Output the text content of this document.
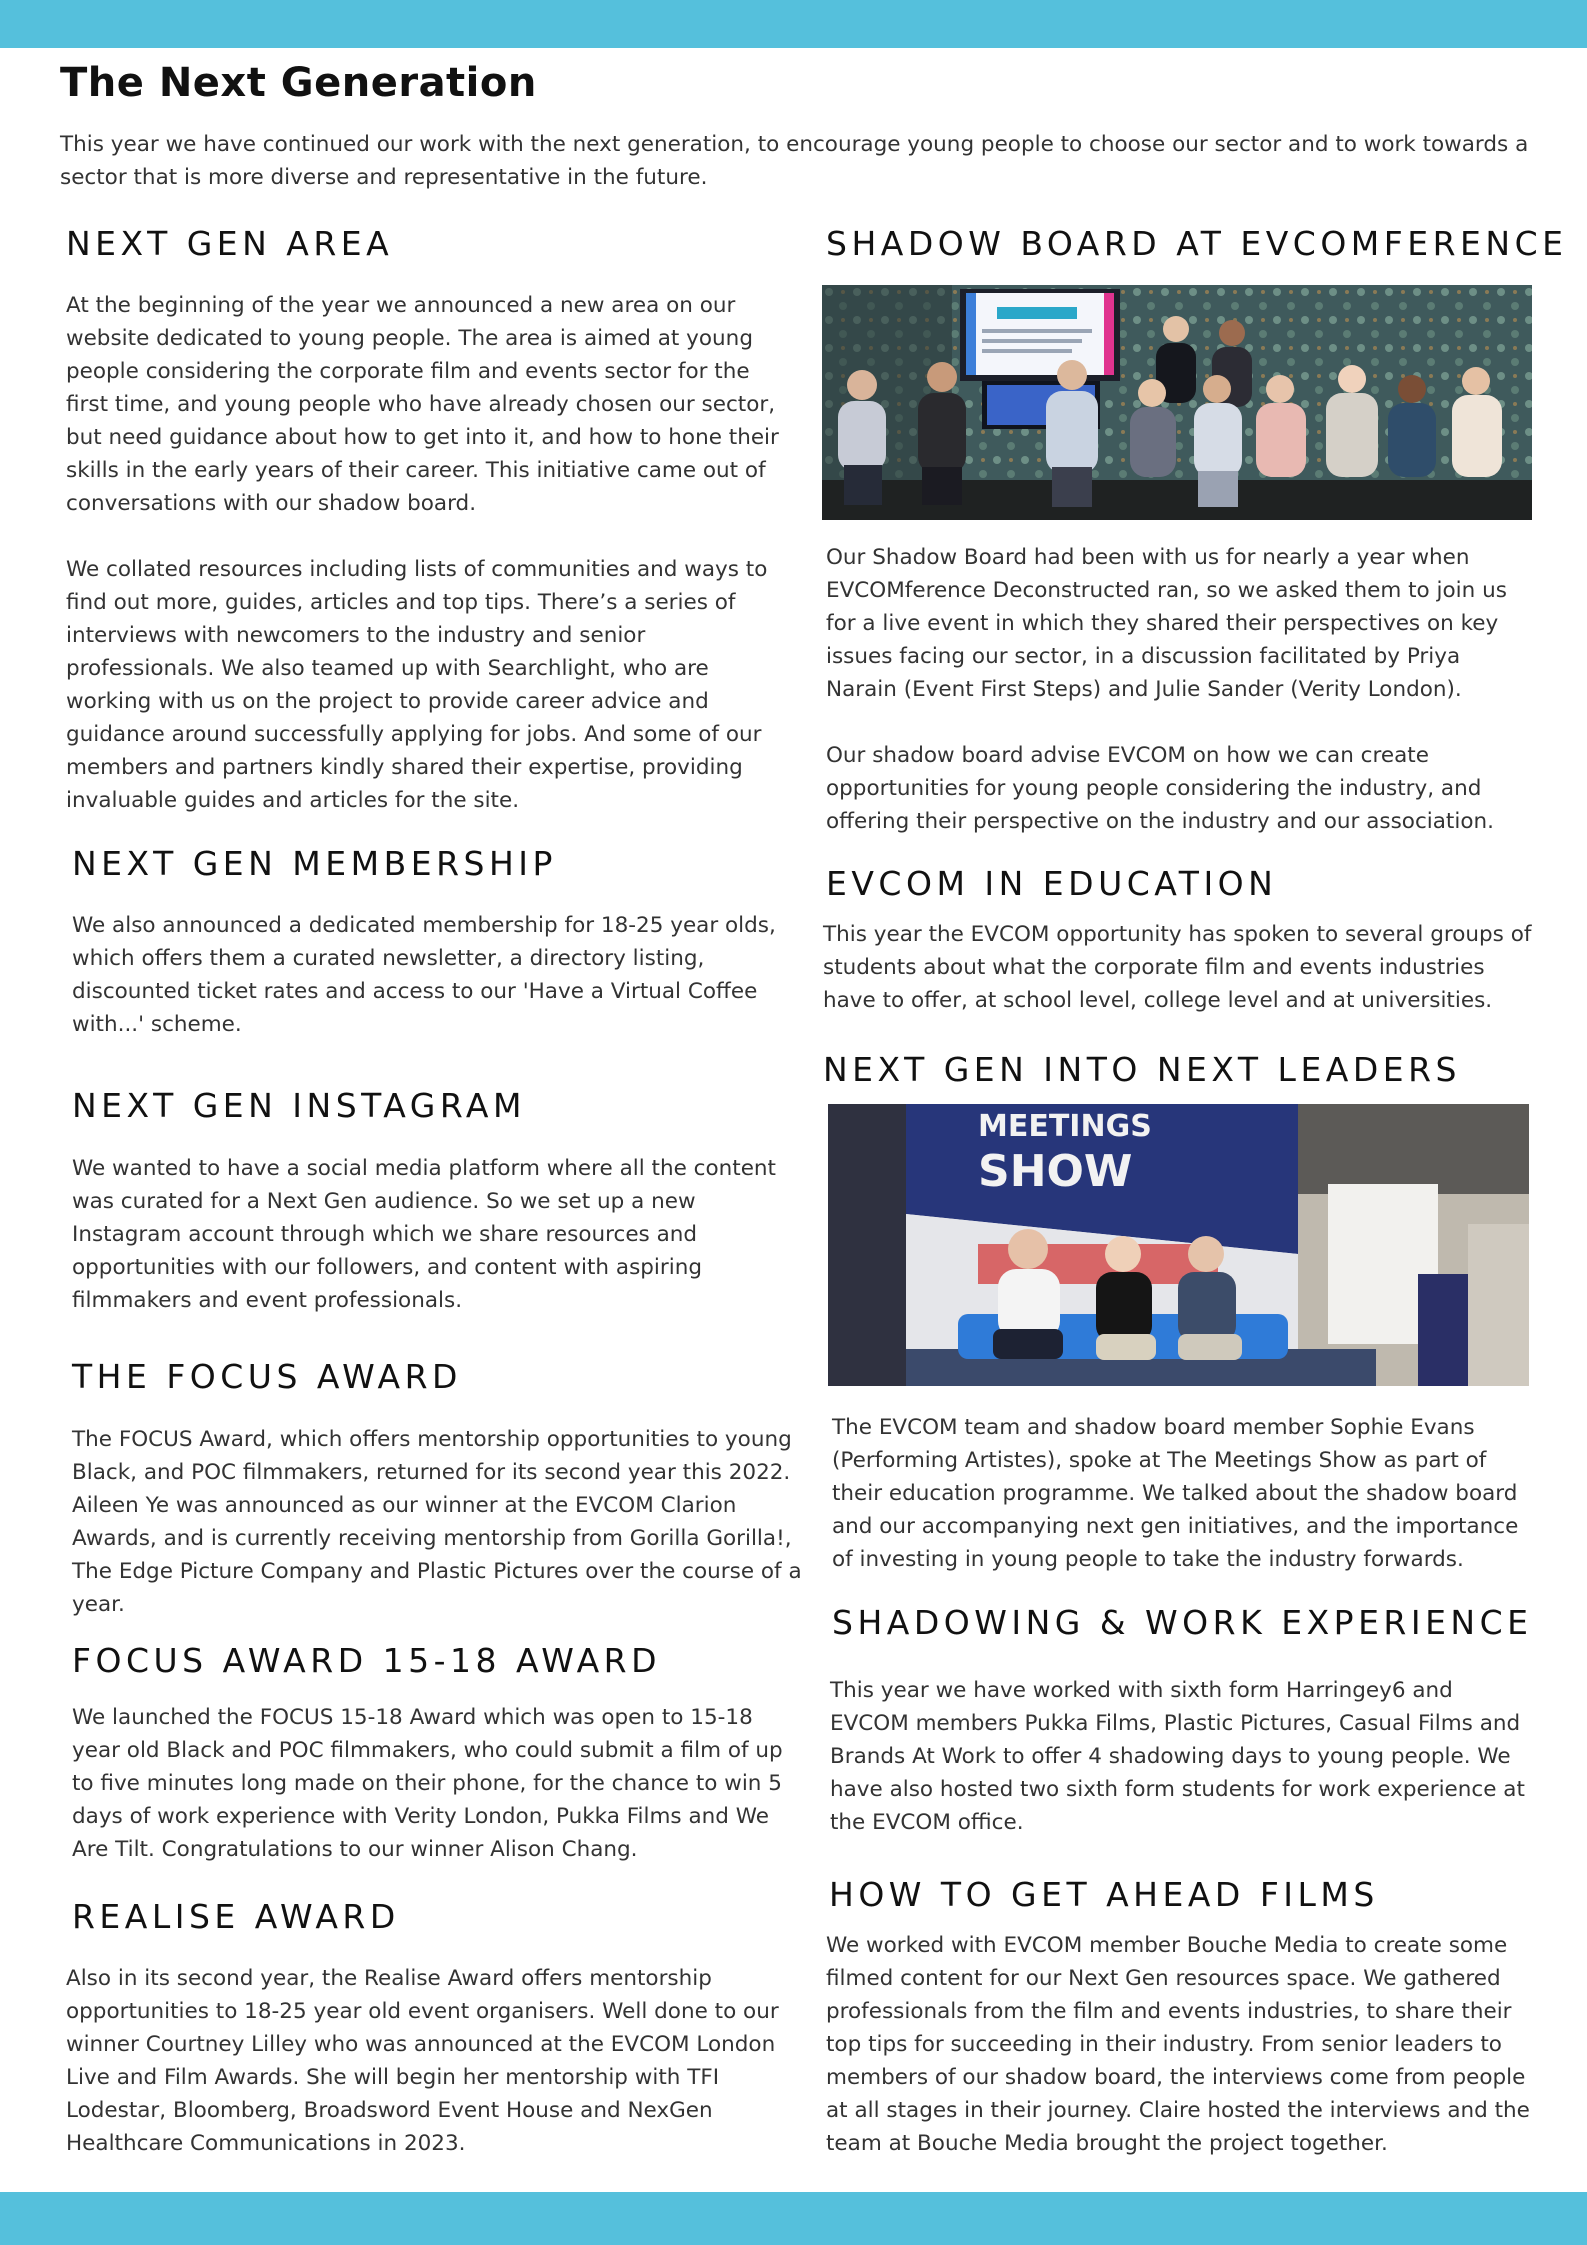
The Next Generation

This year we have continued our work with the next generation, to encourage young people to choose our sector and to work towards a sector that is more diverse and representative in the future.

NEXT GEN AREA

At the beginning of the year we announced a new area on our website dedicated to young people. The area is aimed at young people considering the corporate film and events sector for the first time, and young people who have already chosen our sector, but need guidance about how to get into it, and how to hone their skills in the early years of their career. This initiative came out of conversations with our shadow board.

We collated resources including lists of communities and ways to find out more, guides, articles and top tips. There’s a series of interviews with newcomers to the industry and senior professionals. We also teamed up with Searchlight, who are working with us on the project to provide career advice and guidance around successfully applying for jobs. And some of our members and partners kindly shared their expertise, providing invaluable guides and articles for the site.

NEXT GEN MEMBERSHIP

We also announced a dedicated membership for 18-25 year olds, which offers them a curated newsletter, a directory listing, discounted ticket rates and access to our 'Have a Virtual Coffee with...' scheme.

NEXT GEN INSTAGRAM

We wanted to have a social media platform where all the content was curated for a Next Gen audience. So we set up a new Instagram account through which we share resources and opportunities with our followers, and content with aspiring filmmakers and event professionals.

THE FOCUS AWARD

The FOCUS Award, which offers mentorship opportunities to young Black, and POC filmmakers, returned for its second year this 2022. Aileen Ye was announced as our winner at the EVCOM Clarion Awards, and is currently receiving mentorship from Gorilla Gorilla!, The Edge Picture Company and Plastic Pictures over the course of a year.

FOCUS AWARD 15-18 AWARD

We launched the FOCUS 15-18 Award which was open to 15-18 year old Black and POC filmmakers, who could submit a film of up to five minutes long made on their phone, for the chance to win 5 days of work experience with Verity London, Pukka Films and We Are Tilt. Congratulations to our winner Alison Chang.

REALISE AWARD

Also in its second year, the Realise Award offers mentorship opportunities to 18-25 year old event organisers. Well done to our winner Courtney Lilley who was announced at the EVCOM London Live and Film Awards. She will begin her mentorship with TFI Lodestar, Bloomberg, Broadsword Event House and NexGen Healthcare Communications in 2023.

SHADOW BOARD AT EVCOMFERENCE

Our Shadow Board had been with us for nearly a year when EVCOMference Deconstructed ran, so we asked them to join us for a live event in which they shared their perspectives on key issues facing our sector, in a discussion facilitated by Priya Narain (Event First Steps) and Julie Sander (Verity London).

Our shadow board advise EVCOM on how we can create opportunities for young people considering the industry, and offering their perspective on the industry and our association.

EVCOM IN EDUCATION

This year the EVCOM opportunity has spoken to several groups of students about what the corporate film and events industries have to offer, at school level, college level and at universities.

NEXT GEN INTO NEXT LEADERS
MEETINGS
SHOW

The EVCOM team and shadow board member Sophie Evans (Performing Artistes), spoke at The Meetings Show as part of their education programme. We talked about the shadow board and our accompanying next gen initiatives, and the importance of investing in young people to take the industry forwards.

SHADOWING & WORK EXPERIENCE

This year we have worked with sixth form Harringey6 and EVCOM members Pukka Films, Plastic Pictures, Casual Films and Brands At Work to offer 4 shadowing days to young people. We have also hosted two sixth form students for work experience at the EVCOM office.

HOW TO GET AHEAD FILMS

We worked with EVCOM member Bouche Media to create some filmed content for our Next Gen resources space. We gathered professionals from the film and events industries, to share their top tips for succeeding in their industry. From senior leaders to members of our shadow board, the interviews come from people at all stages in their journey. Claire hosted the interviews and the team at Bouche Media brought the project together.
